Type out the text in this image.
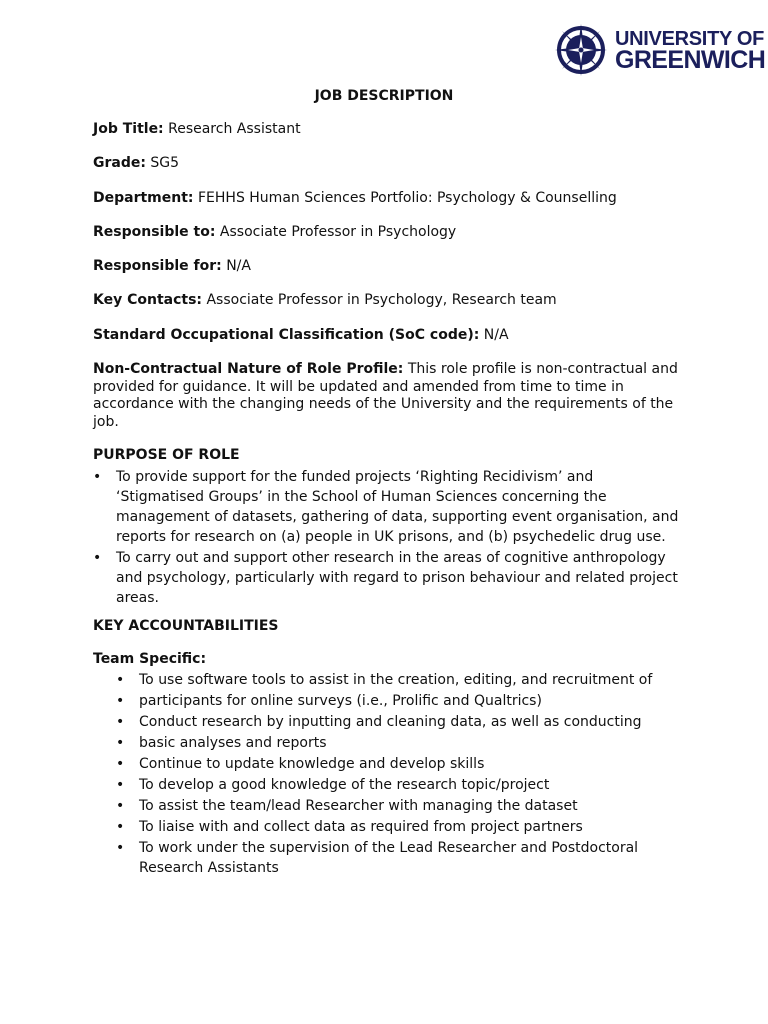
UNIVERSITY OF
GREENWICH
JOB DESCRIPTION
Job Title: Research Assistant
Grade: SG5
Department: FEHHS Human Sciences Portfolio: Psychology & Counselling
Responsible to: Associate Professor in Psychology
Responsible for: N/A
Key Contacts: Associate Professor in Psychology, Research team
Standard Occupational Classification (SoC code): N/A
Non-Contractual Nature of Role Profile: This role profile is non-contractual and provided for guidance. It will be updated and amended from time to time in accordance with the changing needs of the University and the requirements of the job.
PURPOSE OF ROLE
• To provide support for the funded projects ‘Righting Recidivism’ and ‘Stigmatised Groups’ in the School of Human Sciences concerning the management of datasets, gathering of data, supporting event organisation, and reports for research on (a) people in UK prisons, and (b) psychedelic drug use.
• To carry out and support other research in the areas of cognitive anthropology and psychology, particularly with regard to prison behaviour and related project areas.
KEY ACCOUNTABILITIES
Team Specific:
• To use software tools to assist in the creation, editing, and recruitment of
• participants for online surveys (i.e., Prolific and Qualtrics)
• Conduct research by inputting and cleaning data, as well as conducting
• basic analyses and reports
• Continue to update knowledge and develop skills
• To develop a good knowledge of the research topic/project
• To assist the team/lead Researcher with managing the dataset
• To liaise with and collect data as required from project partners
• To work under the supervision of the Lead Researcher and Postdoctoral Research Assistants
